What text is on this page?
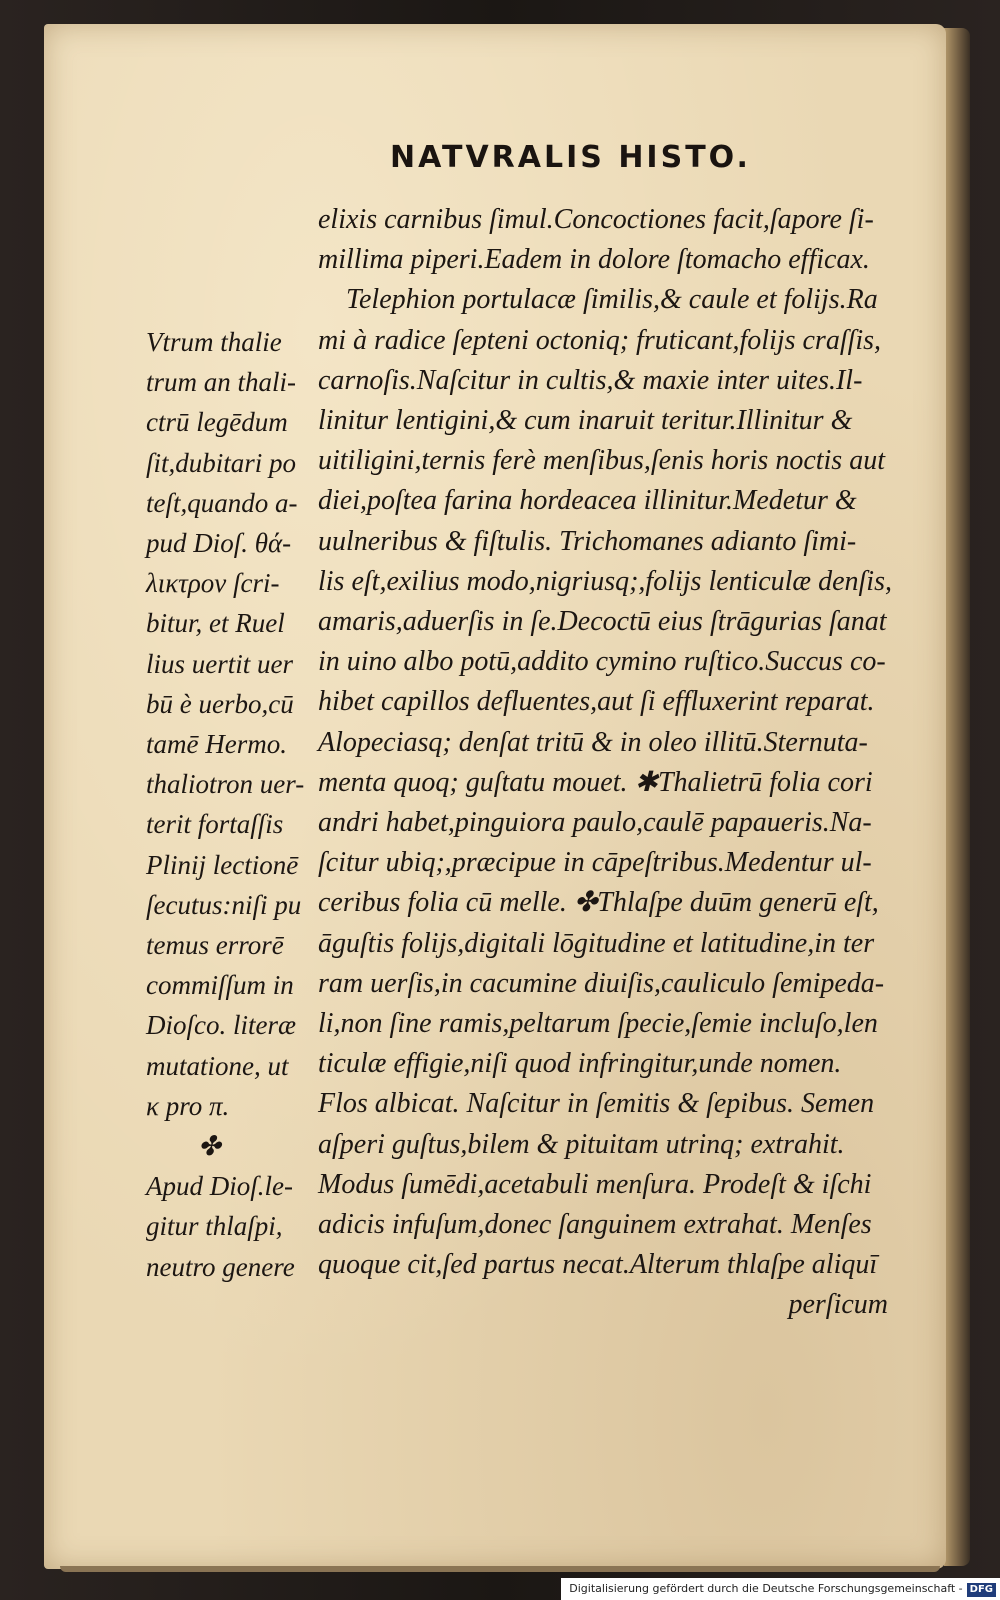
NATVRALIS HISTO.
elixis carnibus ſimul.Concoctiones facit,ſapore ſi-
millima piperi.Eadem in dolore ſtomacho efficax.
Telephion portulacæ ſimilis,& caule et folijs.Ra
mi à radice ſepteni octoniq; fruticant,folijs craſſis,
carnoſis.Naſcitur in cultis,& maxie inter uites.Il-
linitur lentigini,& cum inaruit teritur.Illinitur &
uitiligini,ternis ferè menſibus,ſenis horis noctis aut
diei,poſtea farina hordeacea illinitur.Medetur &
uulneribus & fiſtulis. Trichomanes adianto ſimi-
lis eſt,exilius modo,nigriusq;,folijs lenticulæ denſis,
amaris,aduerſis in ſe.Decoctū eius ſtrāgurias ſanat
in uino albo potū,addito cymino ruſtico.Succus co-
hibet capillos defluentes,aut ſi effluxerint reparat.
Alopeciasq; denſat tritū & in oleo illitū.Sternuta-
menta quoq; guſtatu mouet. ✱Thalietrū folia cori
andri habet,pinguiora paulo,caulē papaueris.Na-
ſcitur ubiq;,præcipue in cāpeſtribus.Medentur ul-
ceribus folia cū melle. ✤Thlaſpe duūm generū eſt,
āguſtis folijs,digitali lōgitudine et latitudine,in ter
ram uerſis,in cacumine diuiſis,cauliculo ſemipeda-
li,non ſine ramis,peltarum ſpecie,ſemie incluſo,len
ticulæ effigie,niſi quod infringitur,unde nomen.
Flos albicat. Naſcitur in ſemitis & ſepibus. Semen
aſperi guſtus,bilem & pituitam utrinq; extrahit.
Modus ſumēdi,acetabuli menſura. Prodeſt & iſchi
adicis infuſum,donec ſanguinem extrahat. Menſes
quoque cit,ſed partus necat.Alterum thlaſpe aliquī
perſicum
Vtrum thalie
trum an thali-
ctrū legēdum
ſit,dubitari po
teſt,quando a-
pud Dioſ. θά-
λικτρον ſcri-
bitur, et Ruel
lius uertit uer
bū è uerbo,cū
tamē Hermo.
thaliotron uer-
terit fortaſſis
Plinij lectionē
ſecutus:niſi pu
temus errorē
commiſſum in
Dioſco. literæ
mutatione, ut
κ pro π.
✤
Apud Dioſ.le-
gitur thlaſpi,
neutro genere
Digitalisierung gefördert durch die Deutsche Forschungsgemeinschaft - DFG
